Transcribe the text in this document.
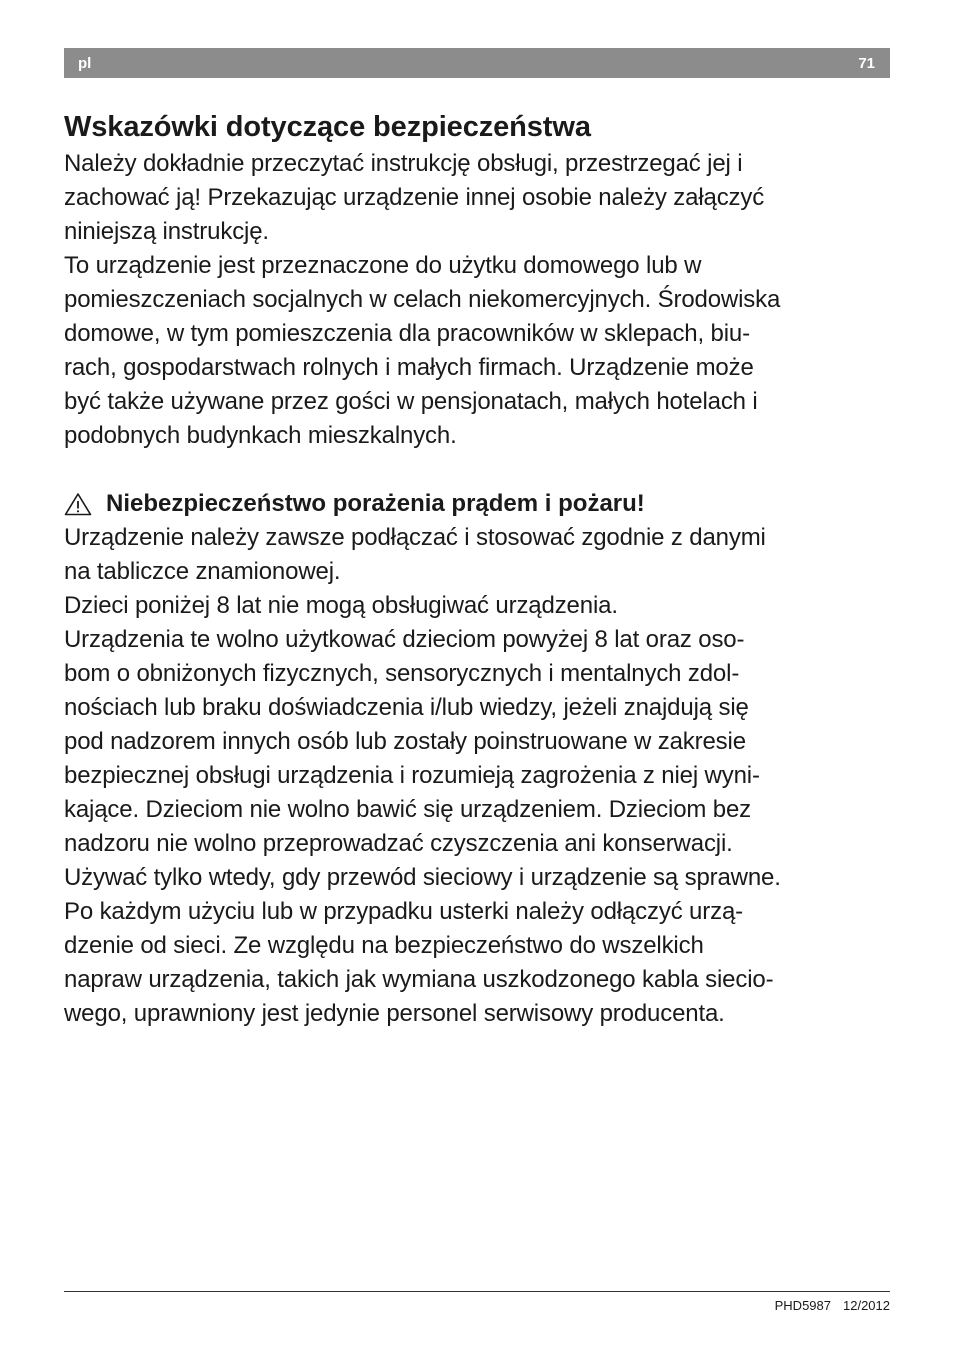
pl	71
Wskazówki dotyczące bezpieczeństwa

Należy dokładnie przeczytać instrukcję obsługi, przestrzegać jej i
zachować ją! Przekazując urządzenie innej osobie należy załączyć
niniejszą instrukcję.

To urządzenie jest przeznaczone do użytku domowego lub w
pomieszczeniach socjalnych w celach niekomercyjnych. Środowiska
domowe, w tym pomieszczenia dla pracowników w sklepach, biu-
rach, gospodarstwach rolnych i małych firmach. Urządzenie może
być także używane przez gości w pensjonatach, małych hotelach i
podobnych budynkach mieszkalnych.

Niebezpieczeństwo porażenia prądem i pożaru!

Urządzenie należy zawsze podłączać i stosować zgodnie z danymi
na tabliczce znamionowej.

Dzieci poniżej 8 lat nie mogą obsługiwać urządzenia.

Urządzenia te wolno użytkować dzieciom powyżej 8 lat oraz oso-
bom o obniżonych fizycznych, sensorycznych i mentalnych zdol-
nościach lub braku doświadczenia i/lub wiedzy, jeżeli znajdują się
pod nadzorem innych osób lub zostały poinstruowane w zakresie
bezpiecznej obsługi urządzenia i rozumieją zagrożenia z niej wyni-
kające. Dzieciom nie wolno bawić się urządzeniem. Dzieciom bez
nadzoru nie wolno przeprowadzać czyszczenia ani konserwacji.

Używać tylko wtedy, gdy przewód sieciowy i urządzenie są sprawne.

Po każdym użyciu lub w przypadku usterki należy odłączyć urzą-
dzenie od sieci. Ze względu na bezpieczeństwo do wszelkich
napraw urządzenia, takich jak wymiana uszkodzonego kabla siecio-
wego, uprawniony jest jedynie personel serwisowy producenta.

PHD5987 12/2012
